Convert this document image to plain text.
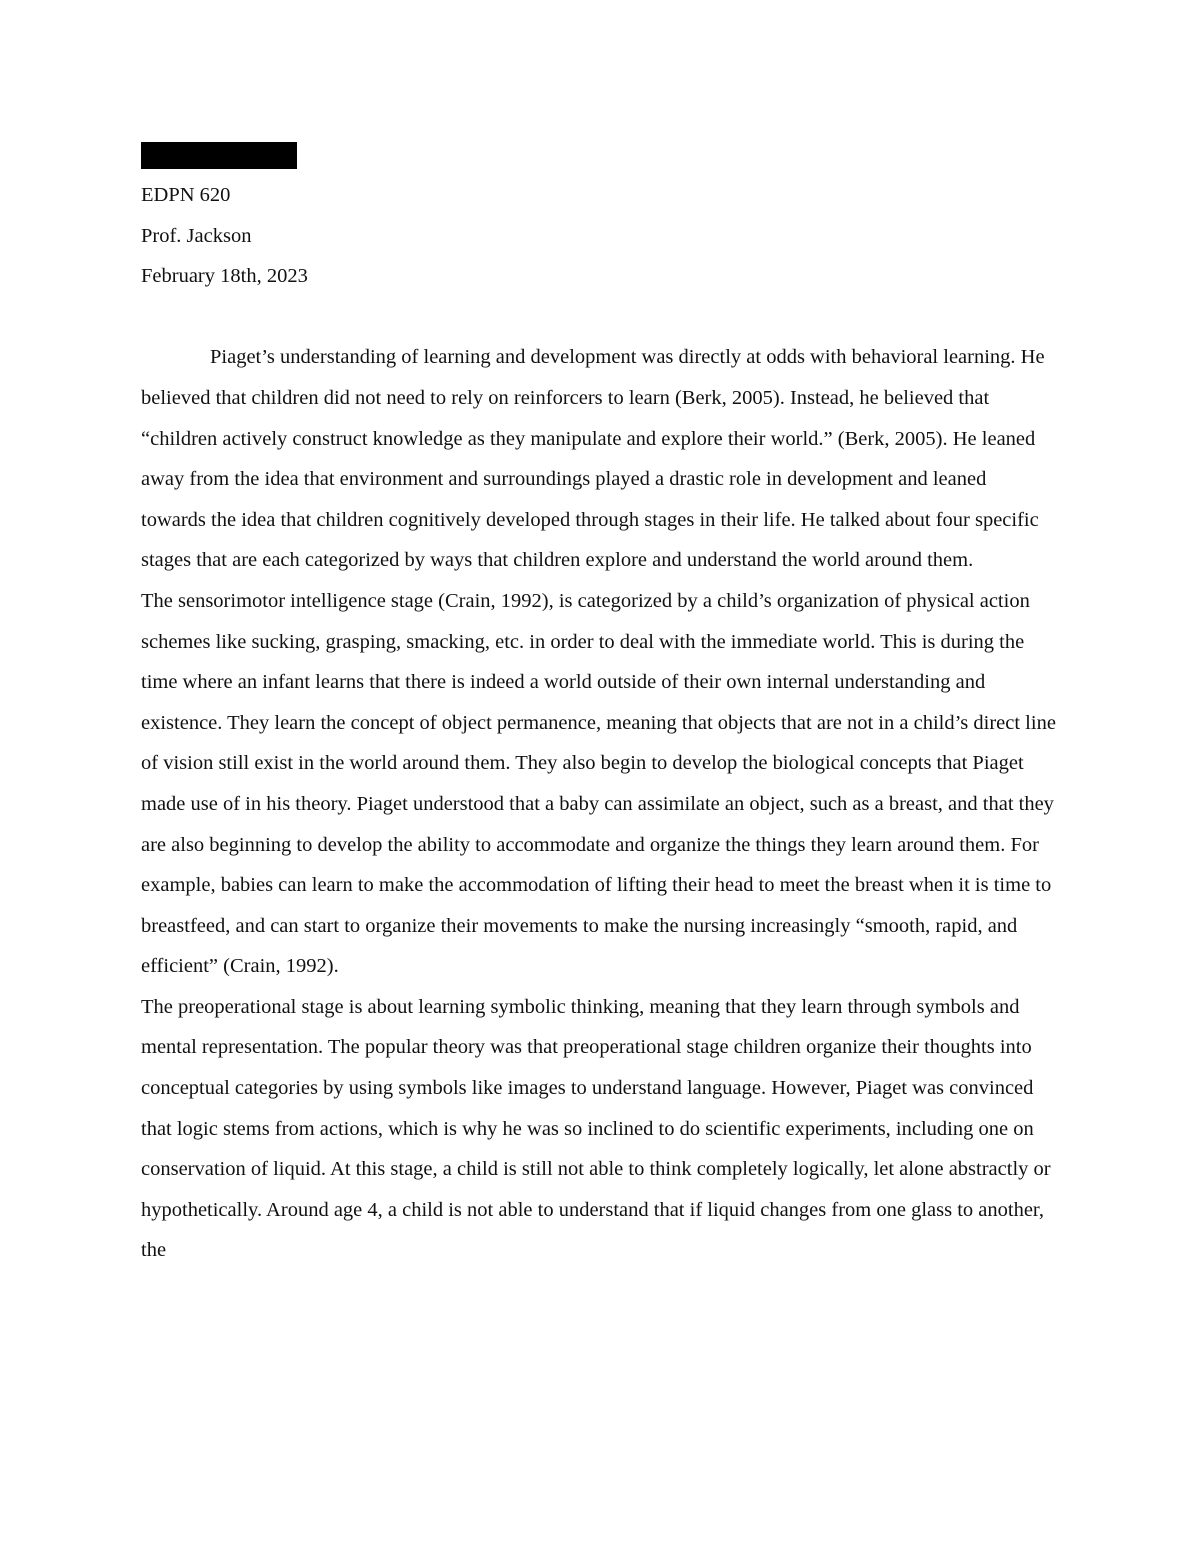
EDPN 620

Prof. Jackson

February 18th, 2023

Piaget’s understanding of learning and development was directly at odds with behavioral learning. He believed that children did not need to rely on reinforcers to learn (Berk, 2005). Instead, he believed that “children actively construct knowledge as they manipulate and explore their world.” (Berk, 2005). He leaned away from the idea that environment and surroundings played a drastic role in development and leaned towards the idea that children cognitively developed through stages in their life. He talked about four specific stages that are each categorized by ways that children explore and understand the world around them.

The sensorimotor intelligence stage (Crain, 1992), is categorized by a child’s organization of physical action schemes like sucking, grasping, smacking, etc. in order to deal with the immediate world. This is during the time where an infant learns that there is indeed a world outside of their own internal understanding and existence. They learn the concept of object permanence, meaning that objects that are not in a child’s direct line of vision still exist in the world around them. They also begin to develop the biological concepts that Piaget made use of in his theory. Piaget understood that a baby can assimilate an object, such as a breast, and that they are also beginning to develop the ability to accommodate and organize the things they learn around them. For example, babies can learn to make the accommodation of lifting their head to meet the breast when it is time to breastfeed, and can start to organize their movements to make the nursing increasingly “smooth, rapid, and efficient” (Crain, 1992).

The preoperational stage is about learning symbolic thinking, meaning that they learn through symbols and mental representation. The popular theory was that preoperational stage children organize their thoughts into conceptual categories by using symbols like images to understand language. However, Piaget was convinced that logic stems from actions, which is why he was so inclined to do scientific experiments, including one on conservation of liquid. At this stage, a child is still not able to think completely logically, let alone abstractly or hypothetically. Around age 4, a child is not able to understand that if liquid changes from one glass to another, the
